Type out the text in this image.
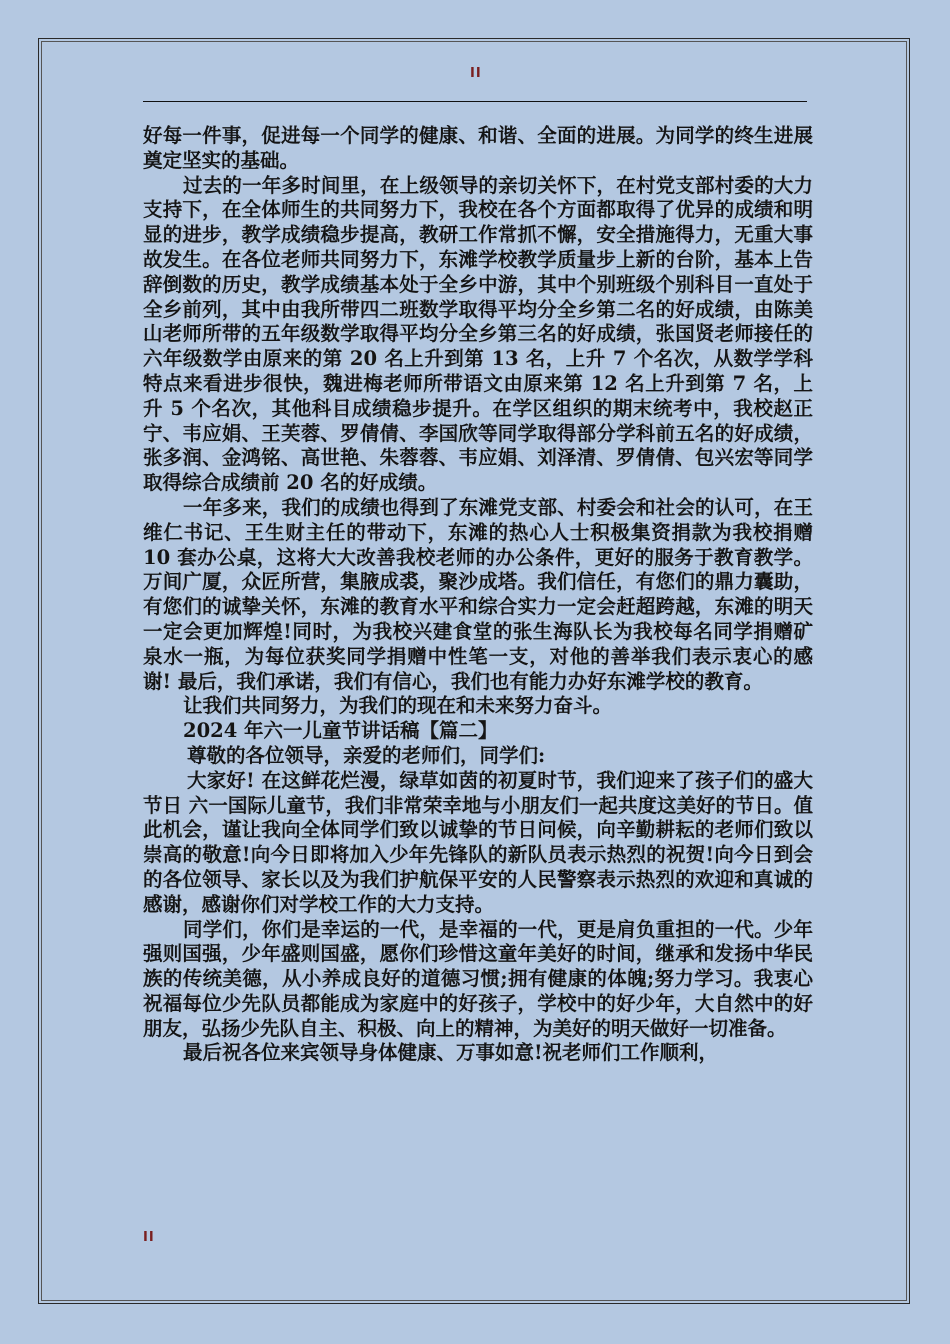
II

好每一件事，促进每一个同学的健康、和谐、全面的进展。为同学的终生进展奠定坚实的基础。

过去的一年多时间里，在上级领导的亲切关怀下，在村党支部村委的大力支持下，在全体师生的共同努力下，我校在各个方面都取得了优异的成绩和明显的进步，教学成绩稳步提高，教研工作常抓不懈，安全措施得力，无重大事故发生。在各位老师共同努力下，东滩学校教学质量步上新的台阶，基本上告辞倒数的历史，教学成绩基本处于全乡中游，其中个别班级个别科目一直处于全乡前列，其中由我所带四二班数学取得平均分全乡第二名的好成绩，由陈美山老师所带的五年级数学取得平均分全乡第三名的好成绩，张国贤老师接任的六年级数学由原来的第 20 名上升到第 13 名，上升 7 个名次，从数学学科特点来看进步很快，魏进梅老师所带语文由原来第 12 名上升到第 7 名，上升 5 个名次，其他科目成绩稳步提升。在学区组织的期末统考中，我校赵正宁、韦应娟、王芙蓉、罗倩倩、李国欣等同学取得部分学科前五名的好成绩，张多润、金鸿铭、高世艳、朱蓉蓉、韦应娟、刘泽清、罗倩倩、包兴宏等同学取得综合成绩前 20 名的好成绩。

一年多来，我们的成绩也得到了东滩党支部、村委会和社会的认可，在王维仁书记、王生财主任的带动下，东滩的热心人士积极集资捐款为我校捐赠 10 套办公桌，这将大大改善我校老师的办公条件，更好的服务于教育教学。万间广厦，众匠所营，集腋成裘，聚沙成塔。我们信任，有您们的鼎力囊助，有您们的诚挚关怀，东滩的教育水平和综合实力一定会赶超跨越，东滩的明天一定会更加辉煌!同时，为我校兴建食堂的张生海队长为我校每名同学捐赠矿泉水一瓶，为每位获奖同学捐赠中性笔一支，对他的善举我们表示衷心的感谢! 最后，我们承诺，我们有信心，我们也有能力办好东滩学校的教育。

让我们共同努力，为我们的现在和未来努力奋斗。

2024 年六一儿童节讲话稿【篇二】

尊敬的各位领导，亲爱的老师们，同学们:

大家好! 在这鲜花烂漫，绿草如茵的初夏时节，我们迎来了孩子们的盛大节日 六一国际儿童节，我们非常荣幸地与小朋友们一起共度这美好的节日。值此机会，谨让我向全体同学们致以诚挚的节日问候，向辛勤耕耘的老师们致以崇高的敬意!向今日即将加入少年先锋队的新队员表示热烈的祝贺!向今日到会的各位领导、家长以及为我们护航保平安的人民警察表示热烈的欢迎和真诚的感谢，感谢你们对学校工作的大力支持。

同学们，你们是幸运的一代，是幸福的一代，更是肩负重担的一代。少年强则国强，少年盛则国盛，愿你们珍惜这童年美好的时间，继承和发扬中华民族的传统美德，从小养成良好的道德习惯;拥有健康的体魄;努力学习。我衷心祝福每位少先队员都能成为家庭中的好孩子，学校中的好少年，大自然中的好朋友，弘扬少先队自主、积极、向上的精神，为美好的明天做好一切准备。

最后祝各位来宾领导身体健康、万事如意!祝老师们工作顺利，

II
